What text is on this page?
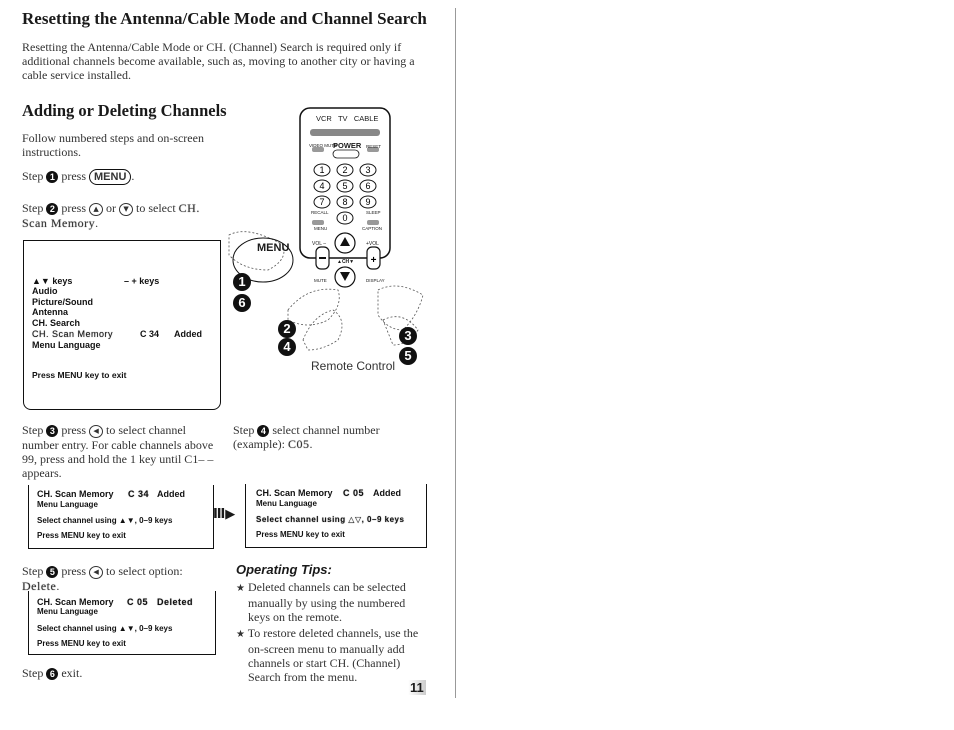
Resetting the Antenna/Cable Mode and Channel Search
Resetting the Antenna/Cable Mode or CH. (Channel) Search is required only if
additional channels become available, such as, moving to another city or having a
cable service installed.
Adding or Deleting Channels
Follow numbered steps and on-screen
instructions.
Step 1 press MENU .
Step 2 press ▲ or ▼ to select CH.
Scan Memory.
▲▼ keys	– + keys
Audio
Picture/Sound
Antenna
CH. Search
CH. Scan Memory	C 34 Added
Menu Language
Press MENU key to exit
1 2 3
4 5 6
7 8 9
0
+
VCR TV CABLE
POWER
VIDEO MUTE	RESET
RECALL	SLEEP
MENU	CAPTION
VOL –	+VOL
▲CH▼
MUTE	DISPLAY
MENU
Remote Control
1
2	3
4
5
6
Step 3 press ◀ to select channel
number entry. For cable channels above
99, press and hold the 1 key until C1– –
appears.
Step 4 select channel number
(example): C05.
CH. Scan Memory C 34 Added
Menu Language
Select channel using ▲▼, 0–9 keys
Press MENU key to exit
Ⅲ▶
CH. Scan Memory C 05 Added
Menu Language
Select channel using △▽, 0–9 keys
Press MENU key to exit
Step 5 press ◀ to select option:
Delete.
CH. Scan Memory C 05 Deleted
Menu Language
Select channel using ▲▼, 0–9 keys
Press MENU key to exit
Step 6 exit.
Operating Tips:
★ Deleted channels can be selected
manually by using the numbered
keys on the remote.
★ To restore deleted channels, use the
on-screen menu to manually add
channels or start CH. (Channel)
Search from the menu.
11
